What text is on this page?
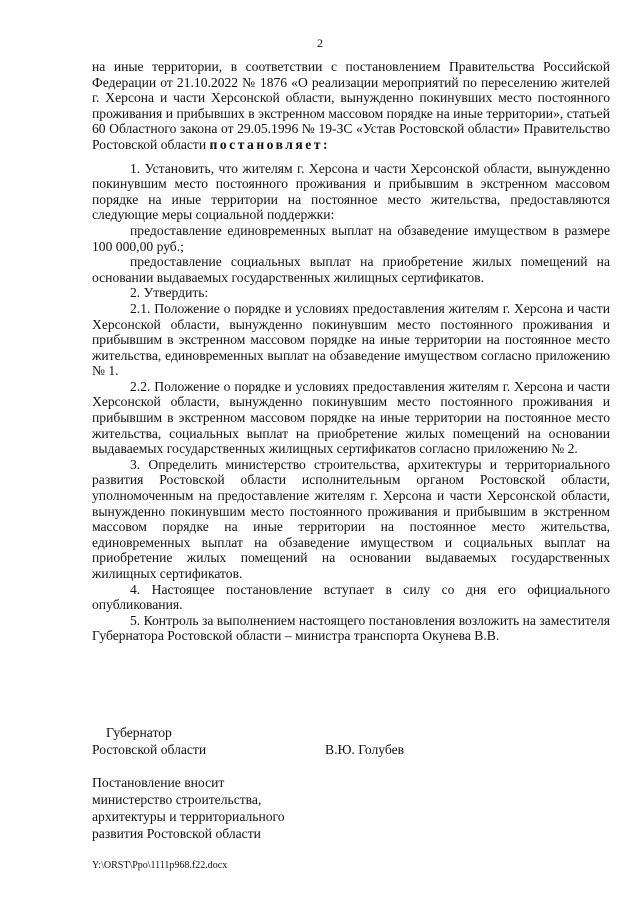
2

на иные территории, в соответствии с постановлением Правительства Российской Федерации от 21.10.2022 № 1876 «О реализации мероприятий по переселению жителей г. Херсона и части Херсонской области, вынужденно покинувших место постоянного проживания и прибывших в экстренном массовом порядке на иные территории», статьей 60 Областного закона от 29.05.1996 № 19-ЗС «Устав Ростовской области» Правительство Ростовской области постановляет:

1. Установить, что жителям г. Херсона и части Херсонской области, вынужденно покинувшим место постоянного проживания и прибывшим в экстренном массовом порядке на иные территории на постоянное место жительства, предоставляются следующие меры социальной поддержки:

предоставление единовременных выплат на обзаведение имуществом в размере 100 000,00 руб.;

предоставление социальных выплат на приобретение жилых помещений на основании выдаваемых государственных жилищных сертификатов.

2. Утвердить:

2.1. Положение о порядке и условиях предоставления жителям г. Херсона и части Херсонской области, вынужденно покинувшим место постоянного проживания и прибывшим в экстренном массовом порядке на иные территории на постоянное место жительства, единовременных выплат на обзаведение имуществом согласно приложению № 1.

2.2. Положение о порядке и условиях предоставления жителям г. Херсона и части Херсонской области, вынужденно покинувшим место постоянного проживания и прибывшим в экстренном массовом порядке на иные территории на постоянное место жительства, социальных выплат на приобретение жилых помещений на основании выдаваемых государственных жилищных сертификатов согласно приложению № 2.

3. Определить министерство строительства, архитектуры и территориального развития Ростовской области исполнительным органом Ростовской области, уполномоченным на предоставление жителям г. Херсона и части Херсонской области, вынужденно покинувшим место постоянного проживания и прибывшим в экстренном массовом порядке на иные территории на постоянное место жительства, единовременных выплат на обзаведение имуществом и социальных выплат на приобретение жилых помещений на основании выдаваемых государственных жилищных сертификатов.

4. Настоящее постановление вступает в силу со дня его официального опубликования.

5. Контроль за выполнением настоящего постановления возложить на заместителя Губернатора Ростовской области – министра транспорта Окунева В.В.

Губернатор
Ростовской области	В.Ю. Голубев
Постановление вносит
министерство строительства,
архитектуры и территориального
развития Ростовской области
Y:\ORST\Ppo\1111p968.f22.docx
